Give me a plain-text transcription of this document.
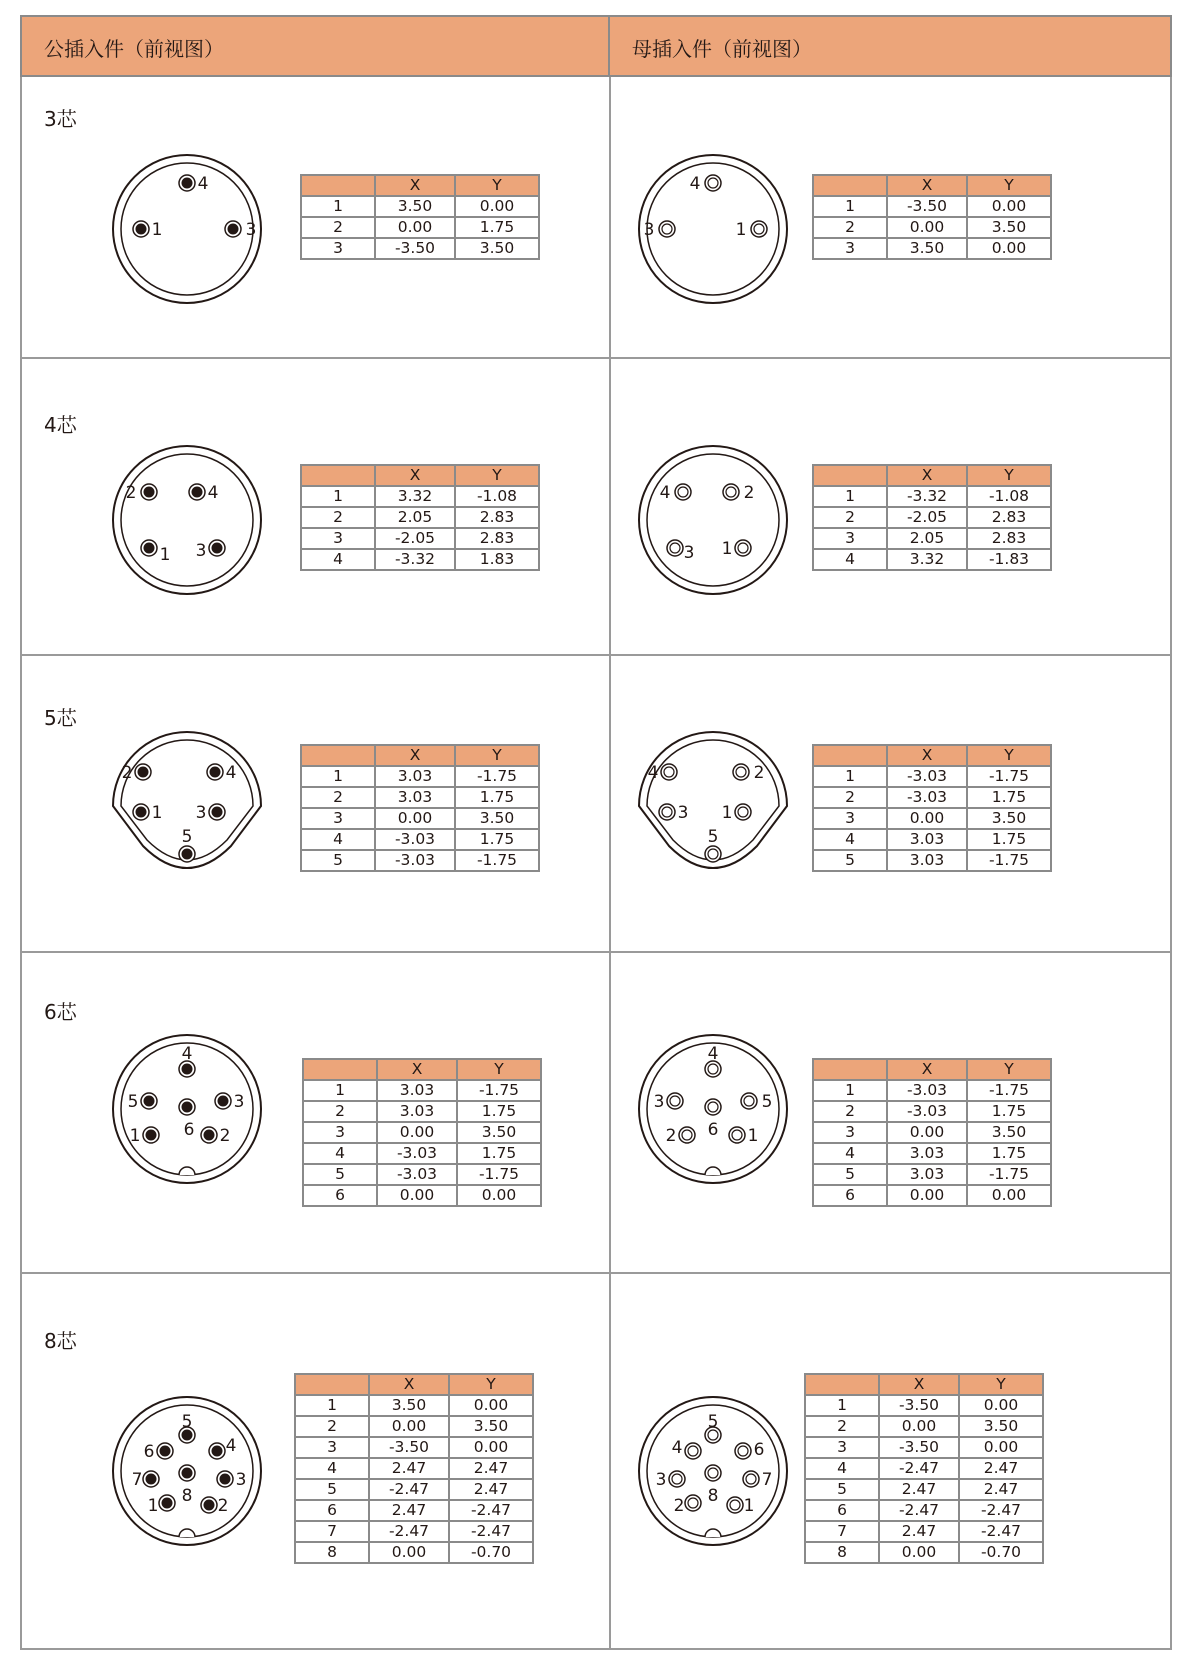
公插入件（前视图）	母插入件（前视图）
3芯
4芯
5芯
6芯
8芯
4
1	3
4
3	1
2	4
1 3
4	2
3 1
2	4
1 3
5
4	2
3 1
5
4
5	3
1	6 2
4
3	5
2 6 1
5
6	4
7	3
1 8 2
5
4	6
3	7
2 8 1
	X	Y
1	3.50	0.00
2	0.00	1.75
3	-3.50	3.50
	X	Y
1	-3.50	0.00
2	0.00	3.50
3	3.50	0.00
	X	Y
1	3.32	-1.08
2	2.05	2.83
3	-2.05	2.83
4	-3.32	1.83
	X	Y
1	-3.32	-1.08
2	-2.05	2.83
3	2.05	2.83
4	3.32	-1.83
	X	Y
1	3.03	-1.75
2	3.03	1.75
3	0.00	3.50
4	-3.03	1.75
5	-3.03	-1.75
	X	Y
1	-3.03	-1.75
2	-3.03	1.75
3	0.00	3.50
4	3.03	1.75
5	3.03	-1.75
	X	Y
1	3.03	-1.75
2	3.03	1.75
3	0.00	3.50
4	-3.03	1.75
5	-3.03	-1.75
6	0.00	0.00
	X	Y
1	-3.03	-1.75
2	-3.03	1.75
3	0.00	3.50
4	3.03	1.75
5	3.03	-1.75
6	0.00	0.00
	X	Y
1	3.50	0.00
2	0.00	3.50
3	-3.50	0.00
4	2.47	2.47
5	-2.47	2.47
6	2.47	-2.47
7	-2.47	-2.47
8	0.00	-0.70
	X	Y
1	-3.50	0.00
2	0.00	3.50
3	-3.50	0.00
4	-2.47	2.47
5	2.47	2.47
6	-2.47	-2.47
7	2.47	-2.47
8	0.00	-0.70
